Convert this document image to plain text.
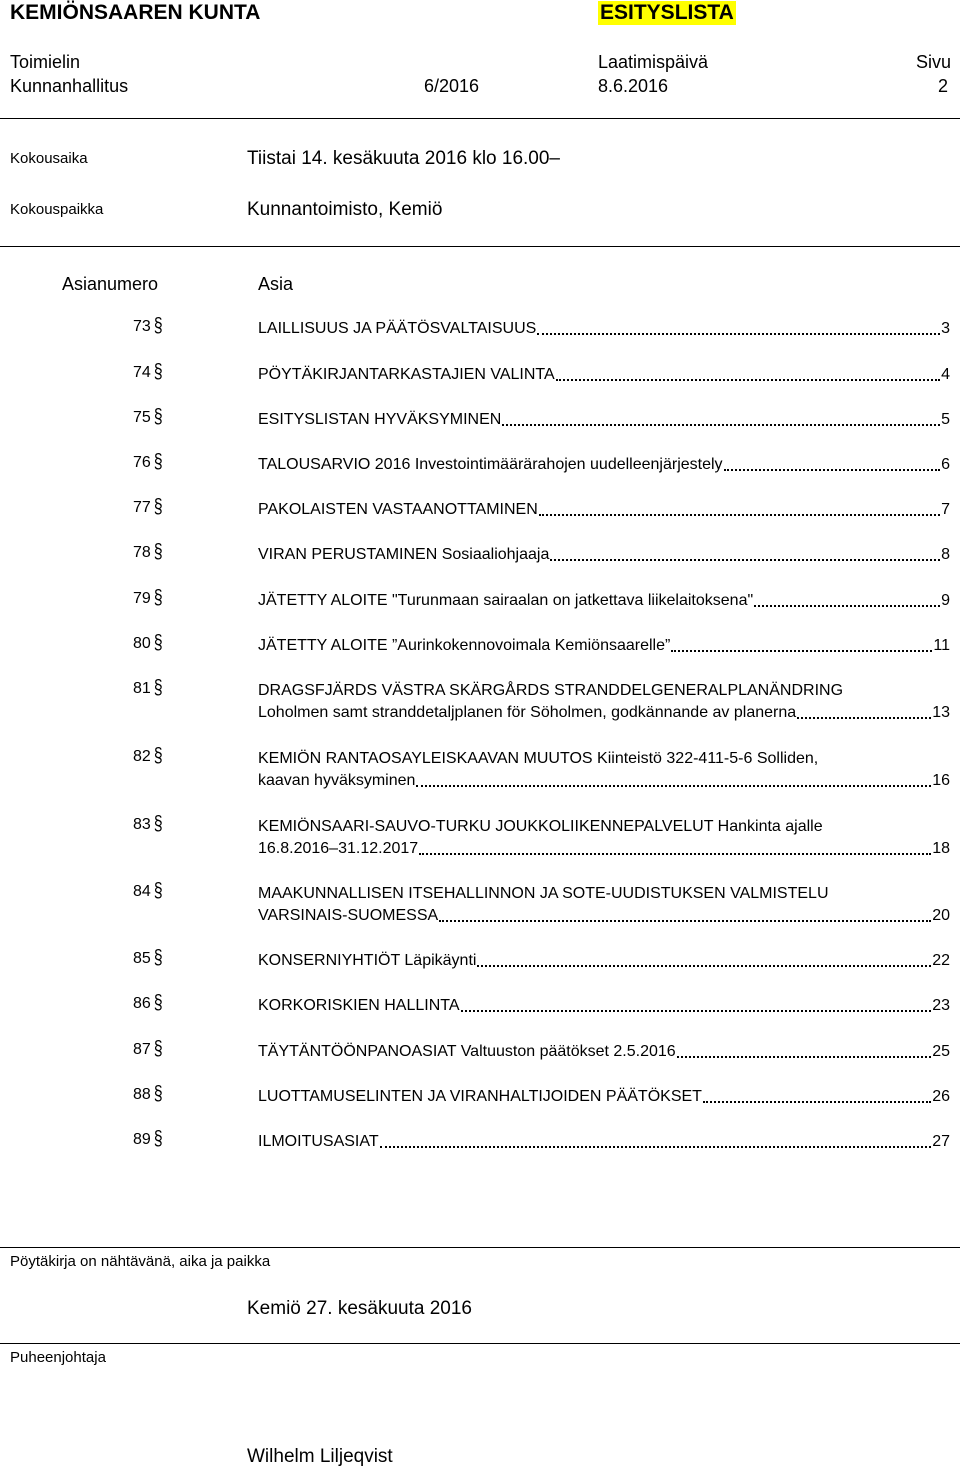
KEMIÖNSAAREN KUNTA	ESITYSLISTA
Toimielin	Laatimispäivä	Sivu
Kunnanhallitus	6/2016	8.6.2016	2
Kokousaika	Tiistai 14. kesäkuuta 2016 klo 16.00–
Kokouspaikka	Kunnantoimisto, Kemiö
Asianumero	Asia
73 §	LAILLISUUS JA PÄÄTÖSVALTAISUUS	3
74 §	PÖYTÄKIRJANTARKASTAJIEN VALINTA	4
75 §	ESITYSLISTAN HYVÄKSYMINEN	5
76 §	TALOUSARVIO 2016 Investointimäärärahojen uudelleenjärjestely	6
77 §	PAKOLAISTEN VASTAANOTTAMINEN	7
78 §	VIRAN PERUSTAMINEN Sosiaaliohjaaja	8
79 §	JÄTETTY ALOITE "Turunmaan sairaalan on jatkettava liikelaitoksena"	9
80 §	JÄTETTY ALOITE ”Aurinkokennovoimala Kemiönsaarelle”	11
81 §	DRAGSFJÄRDS VÄSTRA SKÄRGÅRDS STRANDDELGENERALPLANÄNDRING
Loholmen samt stranddetaljplanen för Söholmen, godkännande av planerna	13
82 §	KEMIÖN RANTAOSAYLEISKAAVAN MUUTOS Kiinteistö 322-411-5-6 Solliden,
kaavan hyväksyminen	16
83 §	KEMIÖNSAARI-SAUVO-TURKU JOUKKOLIIKENNEPALVELUT Hankinta ajalle
16.8.2016–31.12.2017	18
84 §	MAAKUNNALLISEN ITSEHALLINNON JA SOTE-UUDISTUKSEN VALMISTELU
VARSINAIS-SUOMESSA	20
85 §	KONSERNIYHTIÖT Läpikäynti	22
86 §	KORKORISKIEN HALLINTA	23
87 §	TÄYTÄNTÖÖNPANOASIAT Valtuuston päätökset 2.5.2016	25
88 §	LUOTTAMUSELINTEN JA VIRANHALTIJOIDEN PÄÄTÖKSET	26
89 §	ILMOITUSASIAT	27
Pöytäkirja on nähtävänä, aika ja paikka
Kemiö 27. kesäkuuta 2016
Puheenjohtaja
Wilhelm Liljeqvist
